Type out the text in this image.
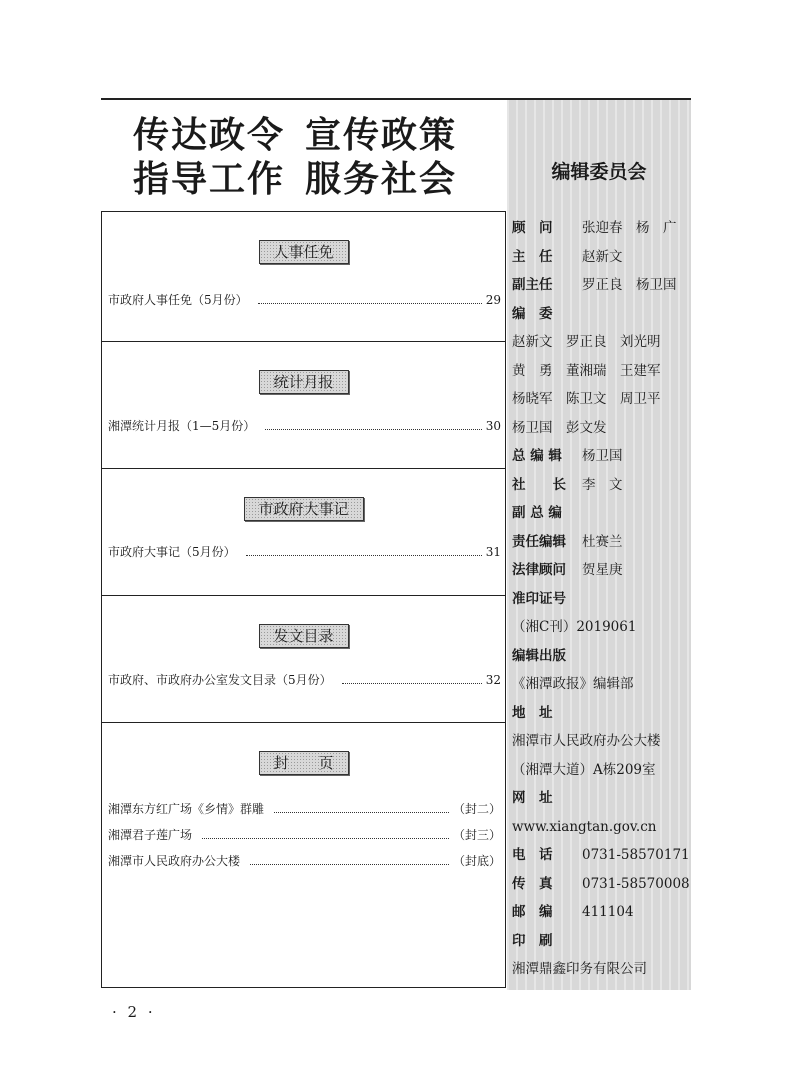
传达政令 宣传政策
指导工作 服务社会
人事任免
市政府人事任免（5月份）	29
统计月报
湘潭统计月报（1—5月份）	30
市政府大事记
市政府大事记（5月份）	31
发文目录
市政府、市政府办公室发文目录（5月份）	32
封　　页
湘潭东方红广场《乡情》群雕	（封二）
湘潭君子莲广场	（封三）
湘潭市人民政府办公大楼	（封底）
编辑委员会
顾　问 张迎春　杨　广
主　任 赵新文
副主任 罗正良　杨卫国
编　委
赵新文　罗正良　刘光明
黄　勇　董湘瑞　王建军
杨晓军　陈卫文　周卫平
杨卫国　彭文发
总 编 辑 杨卫国
社　　长 李　文
副 总 编
责任编辑 杜赛兰
法律顾问 贺星庚
准印证号
（湘C刊）2019061
编辑出版
《湘潭政报》编辑部
地　址
湘潭市人民政府办公大楼
（湘潭大道）A栋209室
网　址
www.xiangtan.gov.cn
电　话 0731-58570171
传　真 0731-58570008
邮　编 411104
印　刷
湘潭鼎鑫印务有限公司
· 2 ·
